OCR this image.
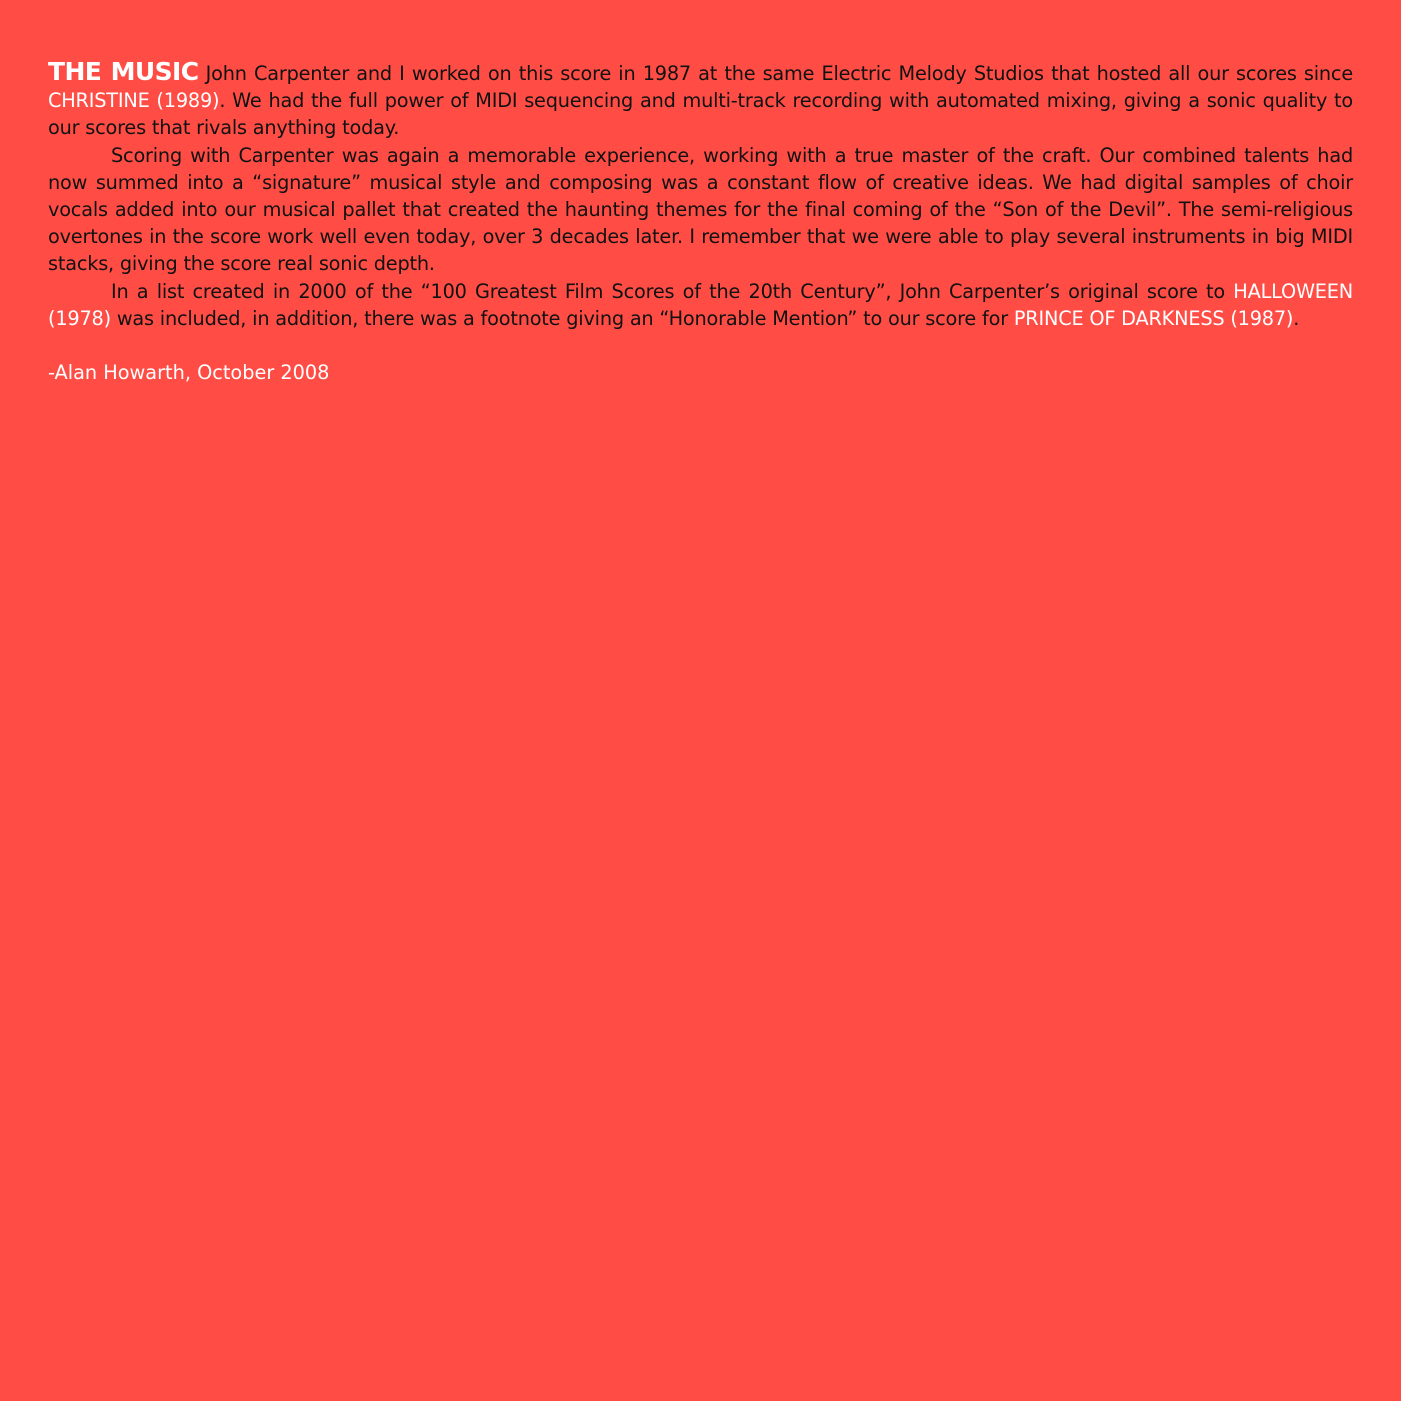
THE MUSIC John Carpenter and I worked on this score in 1987 at the same Electric Melody Studios that hosted all our scores since CHRISTINE (1989). We had the full power of MIDI sequencing and multi-track recording with automated mixing, giving a sonic quality to our scores that rivals anything today.

Scoring with Carpenter was again a memorable experience, working with a true master of the craft. Our combined talents had now summed into a “signature” musical style and composing was a constant flow of creative ideas. We had digital samples of choir vocals added into our musical pallet that created the haunting themes for the final coming of the “Son of the Devil”. The semi-religious overtones in the score work well even today, over 3 decades later. I remember that we were able to play several instruments in big MIDI stacks, giving the score real sonic depth.

In a list created in 2000 of the “100 Greatest Film Scores of the 20th Century”, John Carpenter’s original score to HALLOWEEN (1978) was included, in addition, there was a footnote giving an “Honorable Mention” to our score for PRINCE OF DARKNESS (1987).

-Alan Howarth, October 2008
